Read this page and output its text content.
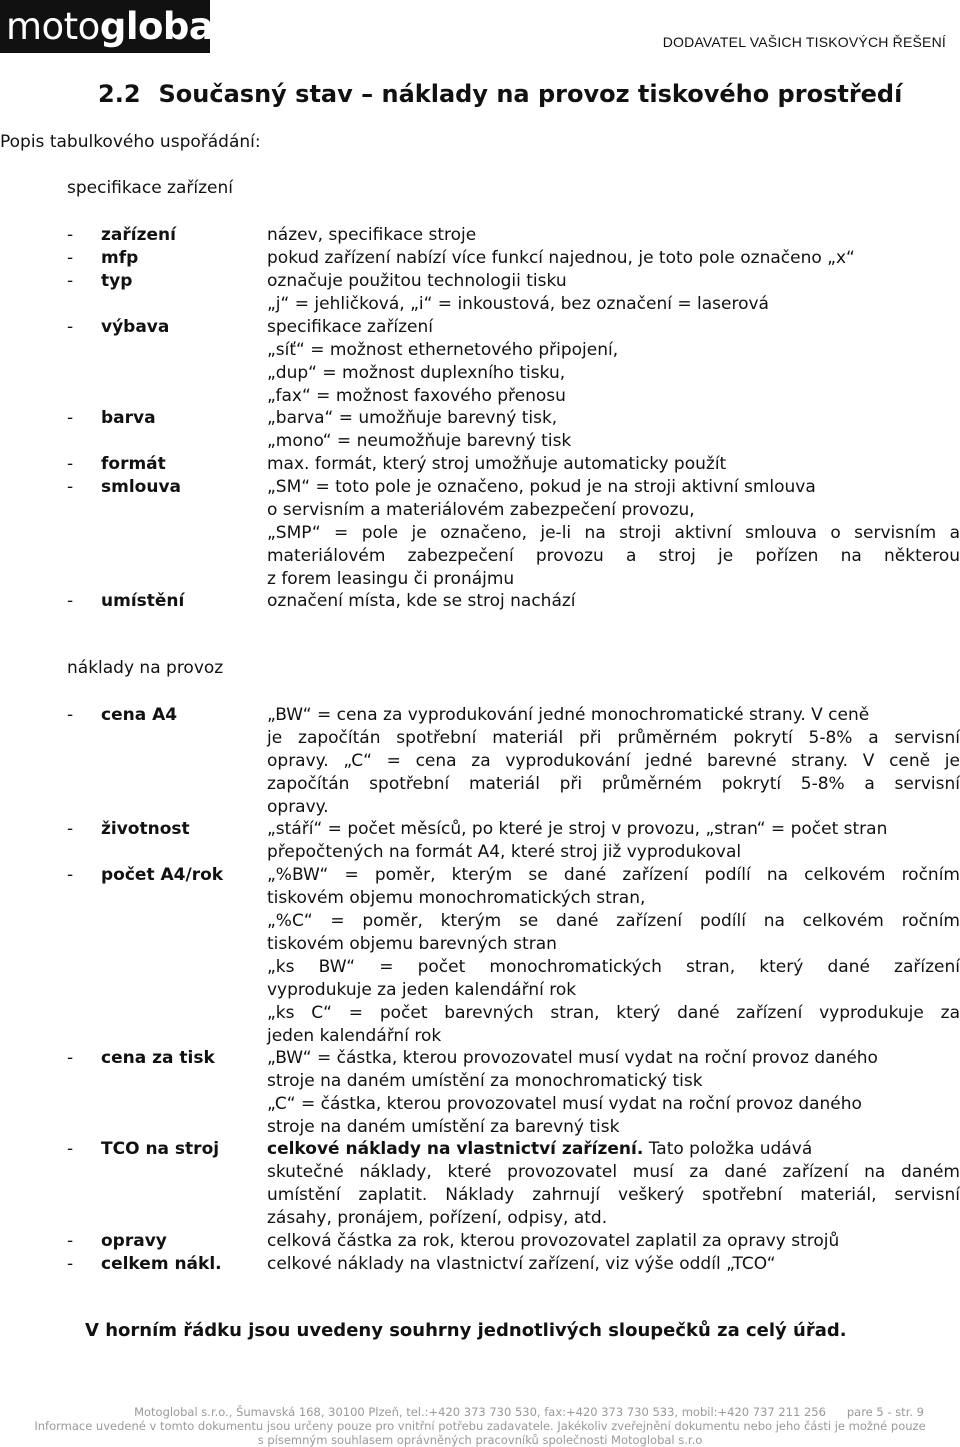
motoglobal	DODAVATEL VAŠICH TISKOVÝCH ŘEŠENÍ
2.2 Současný stav – náklady na provoz tiskového prostředí
Popis tabulkového uspořádání:
specifikace zařízení
- zařízení	název, specifikace stroje
- mfp	pokud zařízení nabízí více funkcí najednou, je toto pole označeno „x“
- typ	označuje použitou technologii tisku
„j“ = jehličková, „i“ = inkoustová, bez označení = laserová
- výbava	specifikace zařízení
„síť“ = možnost ethernetového připojení,
„dup“ = možnost duplexního tisku,
„fax“ = možnost faxového přenosu
- barva	„barva“ = umožňuje barevný tisk,
„mono“ = neumožňuje barevný tisk
- formát	max. formát, který stroj umožňuje automaticky použít
- smlouva	„SM“ = toto pole je označeno, pokud je na stroji aktivní smlouva
o servisním a materiálovém zabezpečení provozu,
„SMP“ = pole je označeno, je-li na stroji aktivní smlouva o servisním a
materiálovém zabezpečení provozu a stroj je pořízen na některou
z forem leasingu či pronájmu
- umístění	označení místa, kde se stroj nachází
náklady na provoz
- cena A4	„BW“ = cena za vyprodukování jedné monochromatické strany. V ceně
je započítán spotřební materiál při průměrném pokrytí 5-8% a servisní
opravy. „C“ = cena za vyprodukování jedné barevné strany. V ceně je
započítán spotřební materiál při průměrném pokrytí 5-8% a servisní
opravy.
- životnost	„stáří“ = počet měsíců, po které je stroj v provozu, „stran“ = počet stran
přepočtených na formát A4, které stroj již vyprodukoval
- počet A4/rok	„%BW“ = poměr, kterým se dané zařízení podílí na celkovém ročním
tiskovém objemu monochromatických stran,
„%C“ = poměr, kterým se dané zařízení podílí na celkovém ročním
tiskovém objemu barevných stran
„ks BW“ = počet monochromatických stran, který dané zařízení
vyprodukuje za jeden kalendářní rok
„ks C“ = počet barevných stran, který dané zařízení vyprodukuje za
jeden kalendářní rok
- cena za tisk	„BW“ = částka, kterou provozovatel musí vydat na roční provoz daného
stroje na daném umístění za monochromatický tisk
„C“ = částka, kterou provozovatel musí vydat na roční provoz daného
stroje na daném umístění za barevný tisk
- TCO na stroj	celkové náklady na vlastnictví zařízení. Tato položka udává
skutečné náklady, které provozovatel musí za dané zařízení na daném
umístění zaplatit. Náklady zahrnují veškerý spotřební materiál, servisní
zásahy, pronájem, pořízení, odpisy, atd.
- opravy	celková částka za rok, kterou provozovatel zaplatil za opravy strojů
- celkem nákl.	celkové náklady na vlastnictví zařízení, viz výše oddíl „TCO“
V horním řádku jsou uvedeny souhrny jednotlivých sloupečků za celý úřad.
Motoglobal s.r.o., Šumavská 168, 30100 Plzeň, tel.:+420 373 730 530, fax:+420 373 730 533, mobil:+420 737 211 256 pare 5 - str. 9
Informace uvedené v tomto dokumentu jsou určeny pouze pro vnitřní potřebu zadavatele. Jakékoliv zveřejnění dokumentu nebo jeho části je možné pouze
s písemným souhlasem oprávněných pracovníků společnosti Motoglobal s.r.o
